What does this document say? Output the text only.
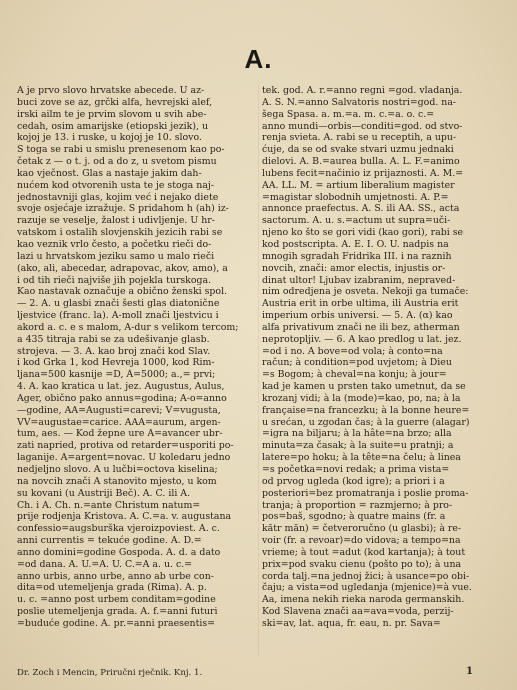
A.
A je prvo slovo hrvatske abecede. U az-
buci zove se az, grčki alfa, hevrejski alef,
irski ailm te je prvim slovom u svih abe-
cedah, osim amarijske (etiopski jezik), u
kojoj je 13. i ruske, u kojoj je 10. slovo.
S toga se rabi u smislu prenesenom kao po-
četak z — o t. j. od a do z, u svetom pismu
kao vječnost. Glas a nastaje jakim dah-
nućem kod otvorenih usta te je stoga naj-
jednostavniji glas, kojim već i nejako diete
svoje osjećaje izražuje. S pridahom h (ah) iz-
razuje se veselje, žalost i udivljenje. U hr-
vatskom i ostalih slovjenskih jezicih rabi se
kao veznik vrlo često, a početku rieči do-
lazi u hrvatskom jeziku samo u malo rieči
(ako, ali, abecedar, adrapovac, akov, amo), a
i od tih rieči najviše jih pojekla turskoga.
Kao nastavak označuje a obično ženski spol.
— 2. A. u glasbi znači šesti glas diatonične
ljestvice (franc. la). A-moll znači ljestvicu i
akord a. c. e s malom, A-dur s velikom tercom;
a 435 titraja rabi se za udešivanje glasb.
strojeva. — 3. A. kao broj znači kod Slav.
i kod Grka 1, kod Hevreja 1000, kod Rim-
ljana=500 kasnije =D, Ā=5000; a.,= prvi;
4. A. kao kratica u lat. jez. Augustus, Aulus,
Ager, obično pako annus=godina; A-o=anno
—godine, AA=Augusti=carevi; V=vugusta,
VV=augustae=carice. AAA=aurum, argen-
tum, aes. — Kod žepne ure A=avancer ubr-
zati napried, protiva od retarder=usporiti po-
laganije. A=argent=novac. U koledaru jedno
nedjeljno slovo. A u lučbi=octova kiselina;
na novcih znači A stanovito mjesto, u kom
su kovani (u Austriji Beč). A. C. ili A.
Ch. i A. Ch. n.=ante Christum natum=
prije rodjenja Kristova. A. C.=a. v. augustana
confessio=augsburška vjeroizpoviest. A. c.
anni currentis = tekuće godine. A. D.=
anno domini=godine Gospoda. A. d. a dato
=od dana. A. U.=A. U. C.=A a. u. c.=
anno urbis, anno urbe, anno ab urbe con-
dita=od utemeljenja grada (Rima). A. p.
u. c. =anno post urbem conditam=godine
poslie utemeljenja grada. A. f.=anni futuri
=buduće godine. A. pr.=anni praesentis=
tek. god. A. r.=anno regni =god. vladanja.
A. S. N.=anno Salvatoris nostri=god. na-
šega Spasa. a. m.=a. m. c.=a. o. c.=
anno mundi—orbis—conditi=god. od stvo-
renja svieta. A. rabi se u receptih, a upu-
ćuje, da se od svake stvari uzmu jednaki
dielovi. A. B.=aurea bulla. A. L. F.=animo
lubens fecit=načinio iz prijaznosti. A. M.=
AA. LL. M. = artium liberalium magister
=magistar slobodnih umjetnosti. A. P.=
annonce praefectus. A. S. ili AA. SS., acta
sactorum. A. u. s.=actum ut supra=uči-
njeno ko što se gori vidi (kao gori), rabi se
kod postscripta. A. E. I. O. U. nadpis na
mnogih sgradah Fridrika III. i na raznih
novcih, znači: amor electis, injustis or-
dinat ultor! Ljubav izabranim, nepraved-
nim odredjena je osveta. Nekoji ga tumače:
Austria erit in orbe ultima, ili Austria erit
imperium orbis universi. — 5. A. (α) kao
alfa privativum znači ne ili bez, atherman
neprotopljiv. — 6. A kao predlog u lat. jez.
=od i no. A bove=od vola; à conto=na
račun; à condition=pod uvjetom; à Dieu
=s Bogom; à cheval=na konju; à jour=
kad je kamen u prsten tako umetnut, da se
krozanj vidi; à la (mode)=kao, po, na; à la
française=na francezku; à la bonne heure=
u srećan, u zgodan čas; à la guerre (alagar)
=igra na biljaru; à la hâte=na brzo; alla
minuta=za časak; à la suite=u pratnji; a
latere=po hoku; à la tête=na čelu; à linea
=s početka=novi redak; a prima vista=
od prvog ugleda (kod igre); a priori i a
posteriori=bez promatranja i poslie proma-
tranja; à proportion = razmjerno; à pro-
pos=baš, sgodno; à quatre mains (fr. a
kătr măn) = četveroručno (u glasbi); à re-
voir (fr. a revoar)=do vidova; a tempo=na
vrieme; à tout =adut (kod kartanja); à tout
prix=pod svaku cienu (pošto po to); à una
corda talj.=na jednoj žici; à usance=po obi-
čaju; a vista=od ugledanja (mjenice)=à vue.
Aa, imena nekih rieka narodа germanskih.
Kod Slavena znači aa=ava=voda, perzij-
ski=av, lat. aqua, fr. eau, n. pr. Sava=
Dr. Zoch i Mencin, Priručni rječnik. Knj. 1.	1
